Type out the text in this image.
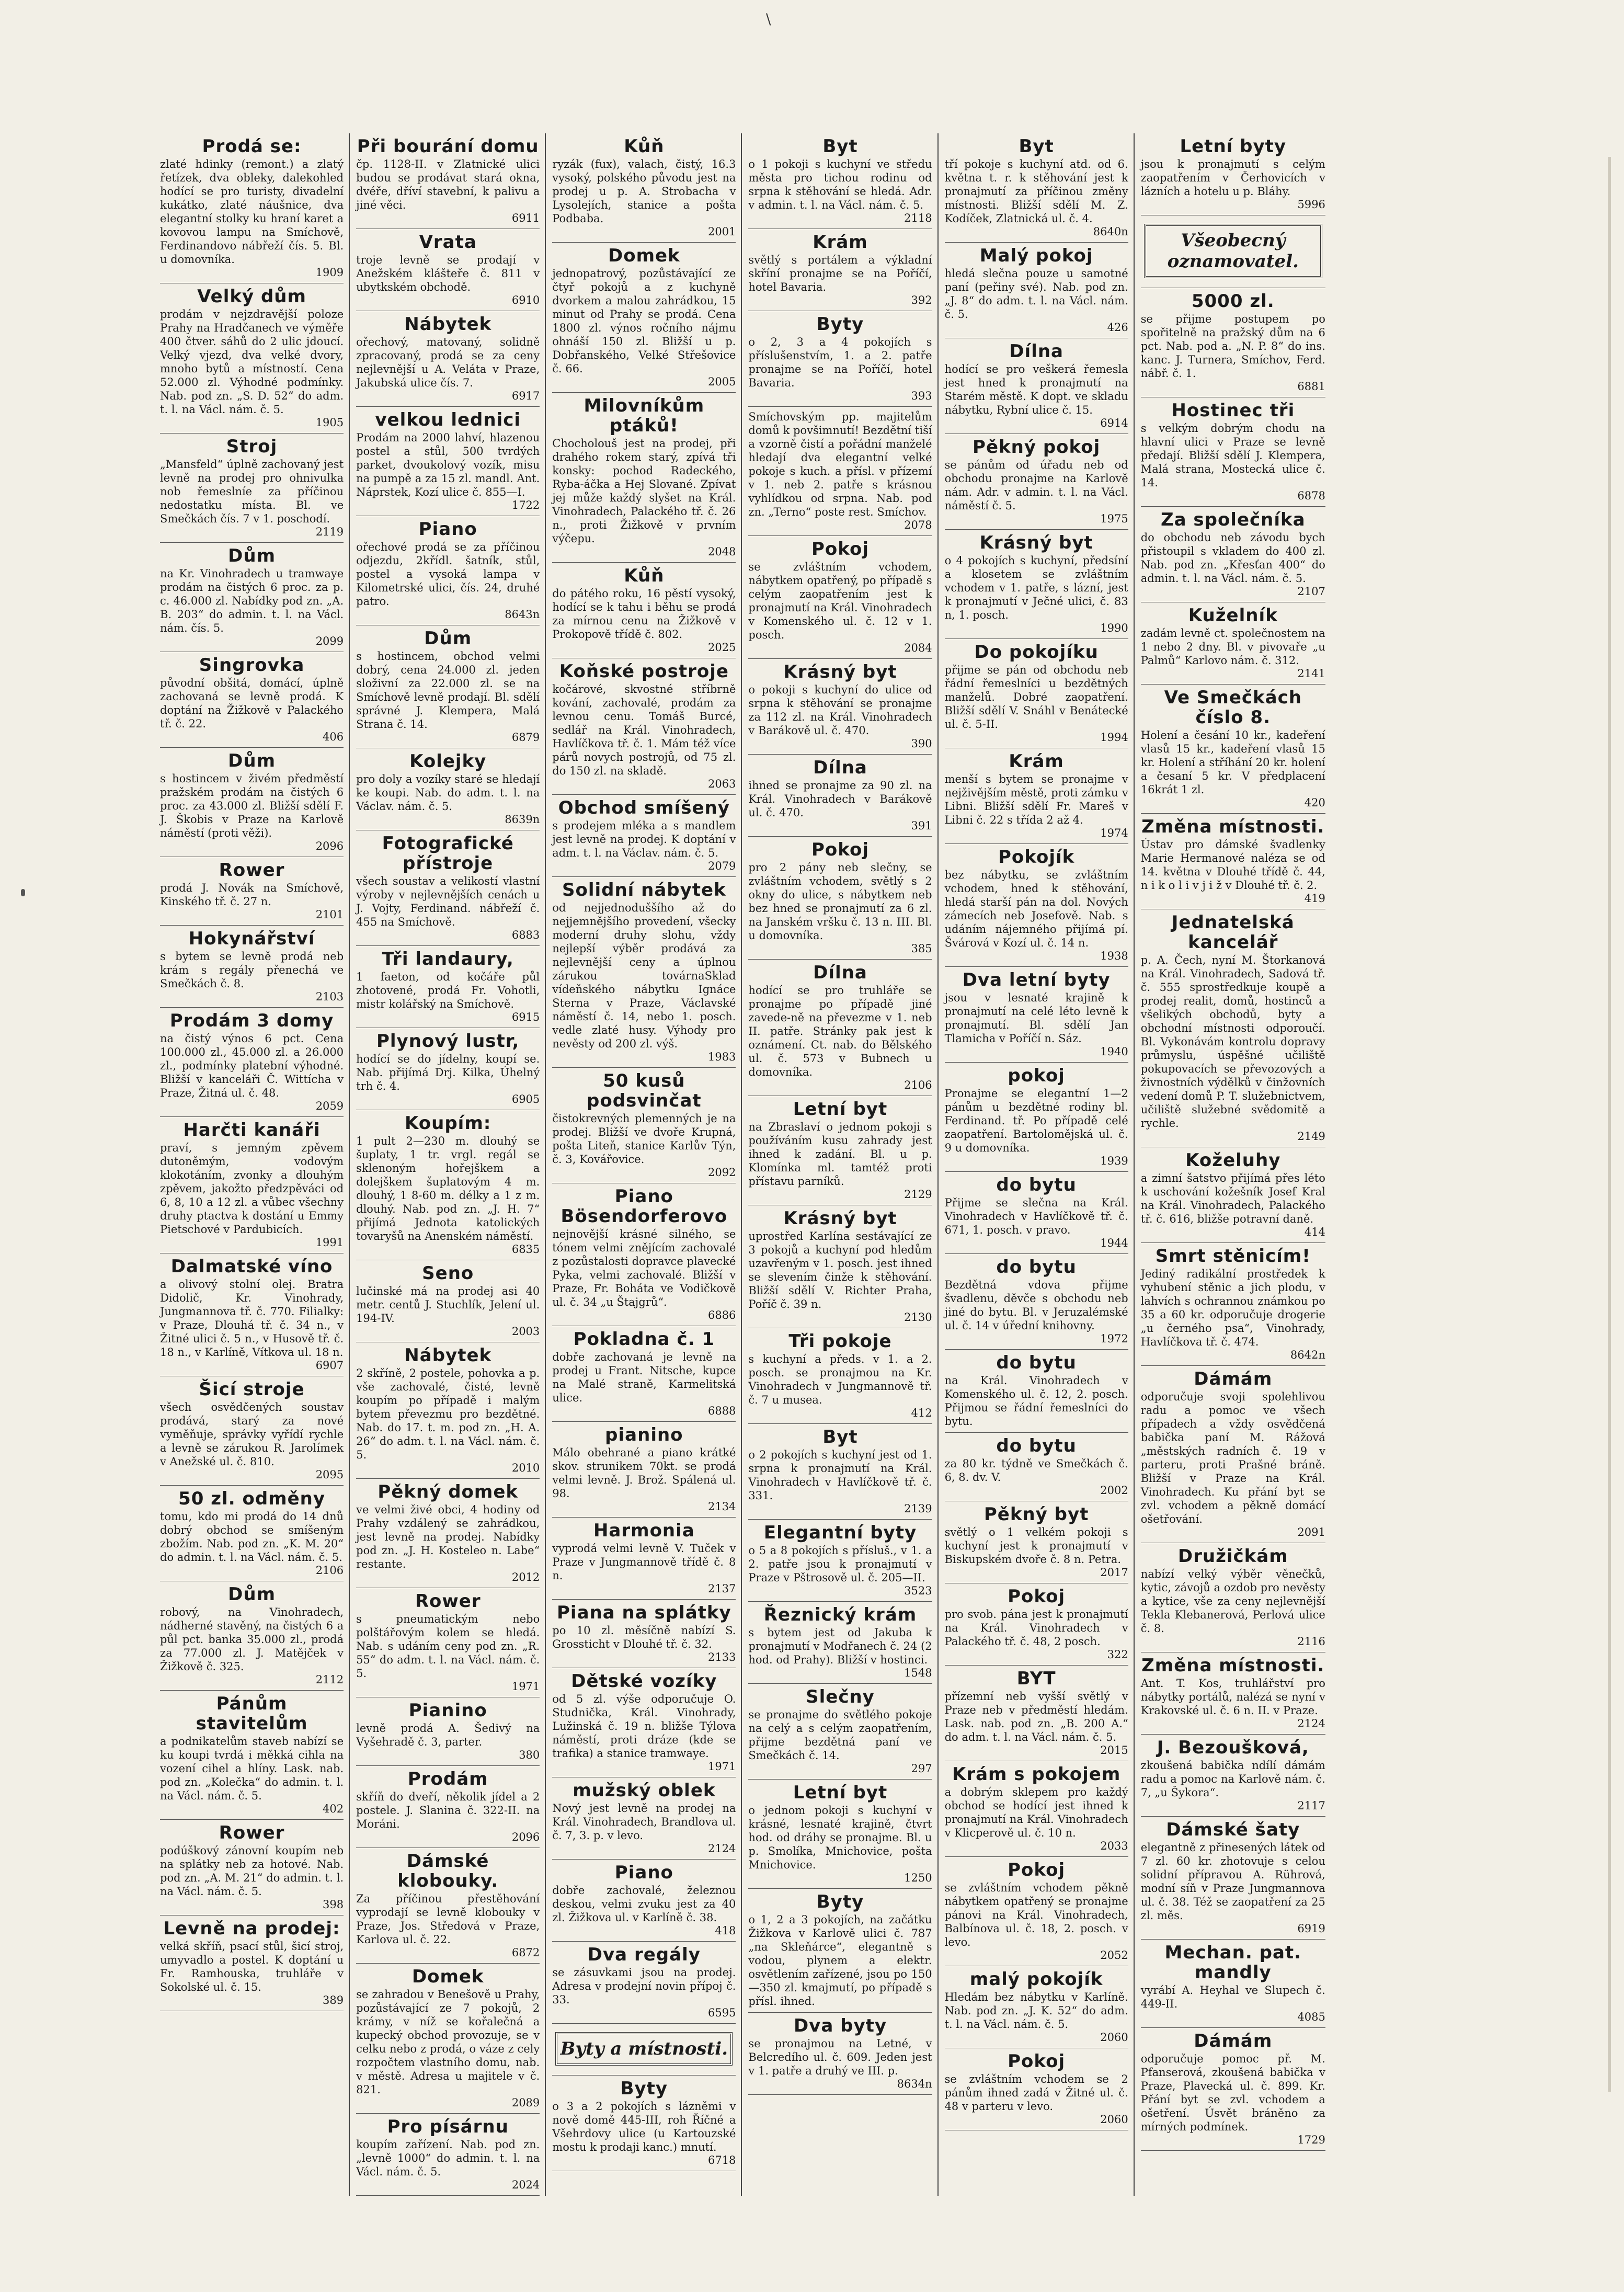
\
Prodá se:

zlaté hdinky (remont.) a zlatý řetízek, dva obleky, dalekohled hodící se pro turisty, divadelní kukátko, zlaté náušnice, dva elegantní stolky ku hraní karet a kovovou lampu na Smíchově, Ferdinandovo nábřeží čís. 5. Bl. u domovníka.

1909
Velký dům

prodám v nejzdravější poloze Prahy na Hradčanech ve výměře 400 čtver. sáhů do 2 ulic jdoucí. Velký vjezd, dva velké dvory, mnoho bytů a místností. Cena 52.000 zl. Výhodné podmínky. Nab. pod zn. „S. D. 52“ do adm. t. l. na Václ. nám. č. 5.

1905
Stroj

„Mansfeld“ úplně zachovaný jest levně na prodej pro ohnivulka nob řemeslníe za příčinou nedostatku místa. Bl. ve Smečkách čís. 7 v 1. poschodí.

2119
Dům

na Kr. Vinohradech u tramwaye prodám na čistých 6 proc. za p. c. 46.000 zl. Nabídky pod zn. „A. B. 203“ do admin. t. l. na Václ. nám. čís. 5.

2099
Singrovka

původní obšitá, domácí, úplně zachovaná se levně prodá. K doptání na Žižkově v Palackého tř. č. 22.

406
Dům

s hostincem v živém předměstí pražském prodám na čistých 6 proc. za 43.000 zl. Bližší sdělí F. J. Škobis v Praze na Karlově náměstí (proti věži).

2096
Rower

prodá J. Novák na Smíchově, Kinského tř. č. 27 n.

2101
Hokynářství

s bytem se levně prodá neb krám s regály přenechá ve Smečkách č. 8.

2103
Prodám 3 domy

na čistý výnos 6 pct. Cena 100.000 zl., 45.000 zl. a 26.000 zl., podmínky platební výhodné. Bližší v kanceláři Č. Wittícha v Praze, Žitná ul. č. 48.

2059
Harčti kanáři

praví, s jemným zpěvem dutoněmým, vodovým klokotáním, zvonky a dlouhým zpěvem, jakožto předzpěváci od 6, 8, 10 a 12 zl. a vůbec všechny druhy ptactva k dostání u Emmy Pietschové v Pardubicích.

1991
Dalmatské víno

a olivový stolní olej. Bratra Didolič, Kr. Vinohrady, Jungmannova tř. č. 770. Filialky: v Praze, Dlouhá tř. č. 34 n., v Žitné ulici č. 5 n., v Husově tř. č. 18 n., v Karlíně, Vítkova ul. 18 n.

6907
Šicí stroje

všech osvědčených soustav prodává, starý za nové vyměňuje, správky vyřídí rychle a levně se zárukou R. Jarolímek v Anežské ul. č. 810.

2095
50 zl. odměny

tomu, kdo mi prodá do 14 dnů dobrý obchod se smíšeným zbožím. Nab. pod zn. „K. M. 20“ do admin. t. l. na Václ. nám. č. 5.

2106
Dům

robový, na Vinohradech, nádherné stavěný, na čistých 6 a půl pct. banka 35.000 zl., prodá za 77.000 zl. J. Matějček v Žižkově č. 325.

2112
Pánům stavitelům

a podnikatelům staveb nabízí se ku koupi tvrdá i měkká cihla na vození cihel a hlíny. Lask. nab. pod zn. „Kolečka“ do admin. t. l. na Václ. nám. č. 5.

402
Rower

podúškový zánovní koupím neb na splátky neb za hotové. Nab. pod zn. „A. M. 21“ do admin. t. l. na Václ. nám. č. 5.

398
Levně na prodej:

velká skříň, psací stůl, šicí stroj, umyvadlo a postel. K doptání u Fr. Ramhouska, truhláře v Sokolské ul. č. 15.

389
Při bourání domu

čp. 1128-II. v Zlatnické ulici budou se prodávat stará okna, dvéře, dříví stavební, k palivu a jiné věci.

6911
Vrata

troje levně se prodají v Anežském klášteře č. 811 v ubytkském obchodě.

6910
Nábytek

ořechový, matovaný, solidně zpracovaný, prodá se za ceny nejlevnější u A. Veláta v Praze, Jakubská ulice čís. 7.

6917
velkou lednici

Prodám na 2000 lahví, hlazenou postel a stůl, 500 tvrdých parket, dvoukolový vozík, misu na pumpě a za 15 zl. mandl. Ant. Náprstek, Kozí ulice č. 855—I.

1722
Piano

ořechové prodá se za příčinou odjezdu, 2křídl. šatník, stůl, postel a vysoká lampa v Kilometrské ulici, čís. 24, druhé patro.

8643n
Dům

s hostincem, obchod velmi dobrý, cena 24.000 zl. jeden složivní za 22.000 zl. se na Smíchově levně prodají. Bl. sdělí správné J. Klempera, Malá Strana č. 14.

6879
Kolejky

pro doly a vozíky staré se hledají ke koupi. Nab. do adm. t. l. na Václav. nám. č. 5.

8639n
Fotografické přístroje

všech soustav a velikostí vlastní výroby v nejlevnějších cenách u J. Vojty, Ferdinand. nábřeží č. 455 na Smíchově.

6883
Tři landaury,

1 faeton, od kočáře půl zhotovené, prodá Fr. Vohotli, mistr kolářský na Smíchově.

6915
Plynový lustr,

hodící se do jídelny, koupí se. Nab. přijímá Drj. Kilka, Úhelný trh č. 4.

6905
Koupím:

1 pult 2—230 m. dlouhý se šuplaty, 1 tr. vrgl. regál se sklenoným hořejškem a dolejškem šuplatovým 4 m. dlouhý, 1 8-60 m. délky a 1 z m. dlouhý. Nab. pod zn. „J. H. 7“ přijímá Jednota katolických tovaryšů na Anenském náměstí.

6835
Seno

lučinské má na prodej asi 40 metr. centů J. Stuchlík, Jelení ul. 194-IV.

2003
Nábytek

2 skříně, 2 postele, pohovka a p. vše zachovalé, čisté, levně koupím po případě i malým bytem převezmu pro bezdětné. Nab. do 17. t. m. pod zn. „H. A. 26“ do adm. t. l. na Václ. nám. č. 5.

2010
Pěkný domek

ve velmi živé obci, 4 hodiny od Prahy vzdálený se zahrádkou, jest levně na prodej. Nabídky pod zn. „J. H. Kosteleo n. Labe“ restante.

2012
Rower

s pneumatickým nebo polštářovým kolem se hledá. Nab. s udáním ceny pod zn. „R. 55“ do adm. t. l. na Václ. nám. č. 5.

1971
Pianino

levně prodá A. Šedivý na Vyšehradě č. 3, parter.

380
Prodám

skříň do dveří, několik jídel a 2 postele. J. Slanina č. 322-II. na Moráni.

2096
Dámské klobouky.

Za příčinou přestěhování vyprodají se levně klobouky v Praze, Jos. Středová v Praze, Karlova ul. č. 22.

6872
Domek

se zahradou v Benešově u Prahy, pozůstávající ze 7 pokojů, 2 krámy, v níž se kořalečná a kupecký obchod provozuje, se v celku nebo z prodá, o váze z cely rozpočtem vlastního domu, nab. v městě. Adresa u majitele v č. 821.

2089
Pro písárnu

koupím zařízení. Nab. pod zn. „levně 1000“ do admin. t. l. na Václ. nám. č. 5.

2024
Kůň

ryzák (fux), valach, čistý, 16.3 vysoký, polského původu jest na prodej u p. A. Strobacha v Lysolejích, stanice a pošta Podbaba.

2001
Domek

jednopatrový, pozůstávající ze čtyř pokojů a z kuchyně dvorkem a malou zahrádkou, 15 minut od Prahy se prodá. Cena 1800 zl. výnos ročního nájmu ohnáší 150 zl. Bližší u p. Dobřanského, Velké Střešovice č. 66.

2005
Milovníkům ptáků!

Chocholouš jest na prodej, při drahého rokem starý, zpívá tři konsky: pochod Radeckého, Ryba-áčka a Hej Slované. Zpívat jej může každý slyšet na Král. Vinohradech, Palackého tř. č. 26 n., proti Žižkově v prvním výčepu.

2048
Kůň

do pátého roku, 16 pěstí vysoký, hodící se k tahu i běhu se prodá za mírnou cenu na Žižkově v Prokopově třídě č. 802.

2025
Koňské postroje

kočárové, skvostné stříbrně kování, zachovalé, prodám za levnou cenu. Tomáš Burcé, sedlář na Král. Vinohradech, Havlíčkova tř. č. 1. Mám též více párů novych postrojů, od 75 zl. do 150 zl. na skladě.

2063
Obchod smíšený

s prodejem mléka a s mandlem jest levně na prodej. K doptání v adm. t. l. na Václav. nám. č. 5.

2079
Solidní nábytek

od nejjednoduššího až do nejjemnějšího provedení, všecky moderní druhy slohu, vždy nejlepší výběr prodává za nejlevnější ceny a úplnou zárukou továrnaSklad vídeňského nábytku Ignáce Sterna v Praze, Václavské náměstí č. 14, nebo 1. posch. vedle zlaté husy. Výhody pro nevěsty od 200 zl. výš.

1983
50 kusů podsvinčat

čistokrevných plemenných je na prodej. Bližší ve dvoře Krupná, pošta Liteň, stanice Karlův Týn, č. 3, Kovářovice.

2092
Piano Bösendorferovo

nejnovější krásné silného, se tónem velmi znějícím zachovalé z pozůstalosti dopravce plavecké Pyka, velmi zachovalé. Bližší v Praze, Fr. Boháta ve Vodičkově ul. č. 34 „u Štajgrů“.

6886
Pokladna č. 1

dobře zachovaná je levně na prodej u Frant. Nitsche, kupce na Malé straně, Karmelitská ulice.

6888
pianino

Málo obehrané a piano krátké skov. strunikem 70kt. se prodá velmi levně. J. Brož. Spálená ul. 98.

2134
Harmonia

vyprodá velmi levně V. Tuček v Praze v Jungmannově třídě č. 8 n.

2137
Piana na splátky

po 10 zl. měsíčně nabízí S. Grossticht v Dlouhé tř. č. 32.

2133
Dětské vozíky

od 5 zl. výše odporučuje O. Studnička, Král. Vinohrady, Lužinská č. 19 n. bližše Týlova náměstí, proti dráze (kde se trafika) a stanice tramwaye.

1971
mužský oblek

Nový jest levně na prodej na Král. Vinohradech, Brandlova ul. č. 7, 3. p. v levo.

2124
Piano

dobře zachovalé, železnou deskou, velmi zvuku jest za 40 zl. Žižkova ul. v Karlíně č. 38.

418
Dva regály

se zásuvkami jsou na prodej. Adresa v prodejní novin přípoj č. 33.

6595
Byty a místnosti.
Byty

o 3 a 2 pokojích s lázněmi v nově domě 445-III, roh Říčné a Všehrdovy ulice (u Kartouzské mostu k prodaji kanc.) mnutí.

6718
Byt

o 1 pokoji s kuchyní ve středu města pro tichou rodinu od srpna k stěhování se hledá. Adr. v admin. t. l. na Václ. nám. č. 5.

2118
Krám

světlý s portálem a výkladní skříní pronajme se na Poříčí, hotel Bavaria.

392
Byty

o 2, 3 a 4 pokojích s příslušenstvím, 1. a 2. patře pronajme se na Poříčí, hotel Bavaria.

393

Smíchovským pp. majitelům domů k povšimnutí! Bezdětní tiší a vzorně čistí a pořádní manželé hledají dva elegantní velké pokoje s kuch. a přísl. v přízemí v 1. neb 2. patře s krásnou vyhlídkou od srpna. Nab. pod zn. „Terno“ poste rest. Smíchov.

2078
Pokoj

se zvláštním vchodem, nábytkem opatřený, po případě s celým zaopatřením jest k pronajmutí na Král. Vinohradech v Komenského ul. č. 12 v 1. posch.

2084
Krásný byt

o pokoji s kuchyní do ulice od srpna k stěhování se pronajme za 112 zl. na Král. Vinohradech v Barákově ul. č. 470.

390
Dílna

ihned se pronajme za 90 zl. na Král. Vinohradech v Barákově ul. č. 470.

391
Pokoj

pro 2 pány neb slečny, se zvláštním vchodem, světlý s 2 okny do ulice, s nábytkem neb bez hned se pronajmutí za 6 zl. na Janském vršku č. 13 n. III. Bl. u domovníka.

385
Dílna

hodící se pro truhláře se pronajme po případě jiné zavede-ně na převezme v 1. neb II. patře. Stránky pak jest k oznámení. Ct. nab. do Bělského ul. č. 573 v Bubnech u domovníka.

2106
Letní byt

na Zbraslaví o jednom pokoji s používáním kusu zahrady jest ihned k zadání. Bl. u p. Klomínka ml. tamtéž proti přístavu parníků.

2129
Krásný byt

uprostřed Karlína sestávající ze 3 pokojů a kuchyní pod hledům uzavřeným v 1. posch. jest ihned se slevením činže k stěhování. Bližší sdělí V. Richter Praha, Poříč č. 39 n.

2130
Tři pokoje

s kuchyní a předs. v 1. a 2. posch. se pronajmou na Kr. Vinohradech v Jungmannově tř. č. 7 u musea.

412
Byt

o 2 pokojích s kuchyní jest od 1. srpna k pronajmutí na Král. Vinohradech v Havlíčkově tř. č. 331.

2139
Elegantní byty

o 5 a 8 pokojích s přísluš., v 1. a 2. patře jsou k pronajmutí v Praze v Pštrosově ul. č. 205—II.

3523
Řeznický krám

s bytem jest od Jakuba k pronajmutí v Modřanech č. 24 (2 hod. od Prahy). Bližší v hostinci.

1548
Slečny

se pronajme do světlého pokoje na celý a s celým zaopatřením, přijme bezdětná paní ve Smečkách č. 14.

297
Letní byt

o jednom pokoji s kuchyní v krásné, lesnaté krajině, čtvrt hod. od dráhy se pronajme. Bl. u p. Smolíka, Mnichovice, pošta Mnichovice.

1250
Byty

o 1, 2 a 3 pokojích, na začátku Žižkova v Karlově ulici č. 787 „na Skleňárce“, elegantně s vodou, plynem a elektr. osvětlením zařízené, jsou po 150—350 zl. kmajmutí, po případě s přísl. ihned.

Dva byty

se pronajmou na Letné, v Belcredího ul. č. 609. Jeden jest v 1. patře a druhý ve III. p.

8634n
Byt

tří pokoje s kuchyní atd. od 6. května t. r. k stěhování jest k pronajmutí za příčinou změny místnosti. Bližší sdělí M. Z. Kodíček, Zlatnická ul. č. 4.

8640n
Malý pokoj

hledá slečna pouze u samotné paní (peřiny své). Nab. pod zn. „J. 8“ do adm. t. l. na Václ. nám. č. 5.

426
Dílna

hodící se pro veškerá řemesla jest hned k pronajmutí na Starém městě. K dopt. ve skladu nábytku, Rybní ulice č. 15.

6914
Pěkný pokoj

se pánům od úřadu neb od obchodu pronajme na Karlově nám. Adr. v admin. t. l. na Václ. náměstí č. 5.

1975
Krásný byt

o 4 pokojích s kuchyní, předsíní a klosetem se zvláštním vchodem v 1. patře, s lázní, jest k pronajmutí v Ječné ulici, č. 83 n, 1. posch.

1990
Do pokojíku

přijme se pán od obchodu neb řádní řemeslníci u bezdětných manželů. Dobré zaopatření. Bližší sdělí V. Snáhl v Benátecké ul. č. 5-II.

1994
Krám

menší s bytem se pronajme v nejživějším městě, proti zámku v Libni. Bližší sdělí Fr. Mareš v Libni č. 22 s třída 2 až 4.

1974
Pokojík

bez nábytku, se zvláštním vchodem, hned k stěhování, hledá starší pán na dol. Nových zámecích neb Josefově. Nab. s udáním nájemného přijímá pí. Švárová v Kozí ul. č. 14 n.

1938
Dva letní byty

jsou v lesnaté krajině k pronajmutí na celé léto levně k pronajmutí. Bl. sdělí Jan Tlamicha v Poříčí n. Sáz.

1940
pokoj

Pronajme se elegantní 1—2 pánům u bezdětné rodiny bl. Ferdinand. tř. Po případě celé zaopatření. Bartolomějská ul. č. 9 u domovníka.

1939
do bytu

Přijme se slečna na Král. Vinohradech v Havlíčkově tř. č. 671, 1. posch. v pravo.

1944
do bytu

Bezdětná vdova přijme švadlenu, děvče s obchodu neb jiné do bytu. Bl. v Jeruzalémské ul. č. 14 v úřední knihovny.

1972
do bytu

na Král. Vinohradech v Komenského ul. č. 12, 2. posch. Přijmou se řádní řemeslníci do bytu.

do bytu

za 80 kr. týdně ve Smečkách č. 6, 8. dv. V.

2002
Pěkný byt

světlý o 1 velkém pokoji s kuchyní jest k pronajmutí v Biskupském dvoře č. 8 n. Petra.

2017
Pokoj

pro svob. pána jest k pronajmutí na Král. Vinohradech v Palackého tř. č. 48, 2 posch.

322
BYT

přízemní neb vyšší světlý v Praze neb v předměstí hledám. Lask. nab. pod zn. „B. 200 A.“ do adm. t. l. na Václ. nám. č. 5.

2015
Krám s pokojem

a dobrým sklepem pro každý obchod se hodící jest ihned k pronajmutí na Král. Vinohradech v Klicperově ul. č. 10 n.

2033
Pokoj

se zvláštním vchodem pěkně nábytkem opatřený se pronajme pánovi na Král. Vinohradech, Balbínova ul. č. 18, 2. posch. v levo.

2052
malý pokojík

Hledám bez nábytku v Karlíně. Nab. pod zn. „J. K. 52“ do adm. t. l. na Václ. nám. č. 5.

2060
Pokoj

se zvláštním vchodem se 2 pánům ihned zadá v Žitné ul. č. 48 v parteru v levo.

2060
Letní byty

jsou k pronajmutí s celým zaopatřením v Čerhovicích v lázních a hotelu u p. Bláhy.

5996
Všeobecný oznamovatel.
5000 zl.

se přijme postupem po spořitelně na pražský dům na 6 pct. Nab. pod a. „N. P. 8“ do ins. kanc. J. Turnera, Smíchov, Ferd. nábř. č. 1.

6881
Hostinec tři

s velkým dobrým chodu na hlavní ulici v Praze se levně předají. Bližší sdělí J. Klempera, Malá strana, Mostecká ulice č. 14.

6878
Za společníka

do obchodu neb závodu bych přistoupil s vkladem do 400 zl. Nab. pod zn. „Křesťan 400“ do admin. t. l. na Václ. nám. č. 5.

2107
Kuželník

zadám levně ct. společnostem na 1 nebo 2 dny. Bl. v pivovaře „u Palmů“ Karlovo nám. č. 312.

2141
Ve Smečkách číslo 8.

Holení a česání 10 kr., kadeření vlasů 15 kr., kadeření vlasů 15 kr. Holení a stříhání 20 kr. holení a česaní 5 kr. V předplacení 16krát 1 zl.

420
Změna místnosti.

Ústav pro dámské švadlenky Marie Hermanové naléza se od 14. května v Dlouhé třídě č. 44, n i k o l i v j i ž v Dlouhé tř. č. 2.

419
Jednatelská kancelář

p. A. Čech, nyní M. Štorkanová na Král. Vinohradech, Sadová tř. č. 555 sprostředkuje koupě a prodej realit, domů, hostinců a všelikých obchodů, byty a obchodní místnosti odporoučí. Bl. Vykonávám kontrolu dopravy průmyslu, úspěšné učiliště pokupovacích se převozových a živnostních výdělků v činžovních vedení domů P. T. služebnictvem, učiliště služebné svědomitě a rychle.

2149
Koželuhy

a zimní šatstvo přijímá přes léto k uschování kožešník Josef Kral na Král. Vinohradech, Palackého tř. č. 616, bližše potravní daně.

414
Smrt stěnicím!

Jediný radikální prostředek k vyhubení stěnic a jich plodu, v lahvích s ochrannou známkou po 35 a 60 kr. odporučuje drogerie „u černého psa“, Vinohrady, Havlíčkova tř. č. 474.

8642n
Dámám

odporučuje svoji spolehlivou radu a pomoc ve všech případech a vždy osvědčená babička paní M. Rážová „městských radních č. 19 v parteru, proti Prašné bráně. Bližší v Praze na Král. Vinohradech. Ku přání byt se zvl. vchodem a pěkně domácí ošetřování.

2091
Družičkám

nabízí velký výběr věnečků, kytic, závojů a ozdob pro nevěsty a kytice, vše za ceny nejlevnější Tekla Klebanerová, Perlová ulice č. 8.

2116
Změna místnosti.

Ant. T. Kos, truhlářství pro nábytky portálů, nalézá se nyní v Krakovské ul. č. 6 n. II. v Praze.

2124
J. Bezoušková,

zkoušená babička ndílí dámám radu a pomoc na Karlově nám. č. 7, „u Šykora“.

2117
Dámské šaty

elegantně z přinesených látek od 7 zl. 60 kr. zhotovuje s celou solidní přípravou A. Rührová, modní síň v Praze Jungmannova ul. č. 38. Též se zaopatření za 25 zl. měs.

6919
Mechan. pat. mandly

vyrábí A. Heyhal ve Slupech č. 449-II.

4085
Dámám

odporučuje pomoc př. M. Pfanserová, zkoušená babička v Praze, Plavecká ul. č. 899. Kr. Přání byt se zvl. vchodem a ošetření. Úsvět bráněno za mírných podmínek.

1729
